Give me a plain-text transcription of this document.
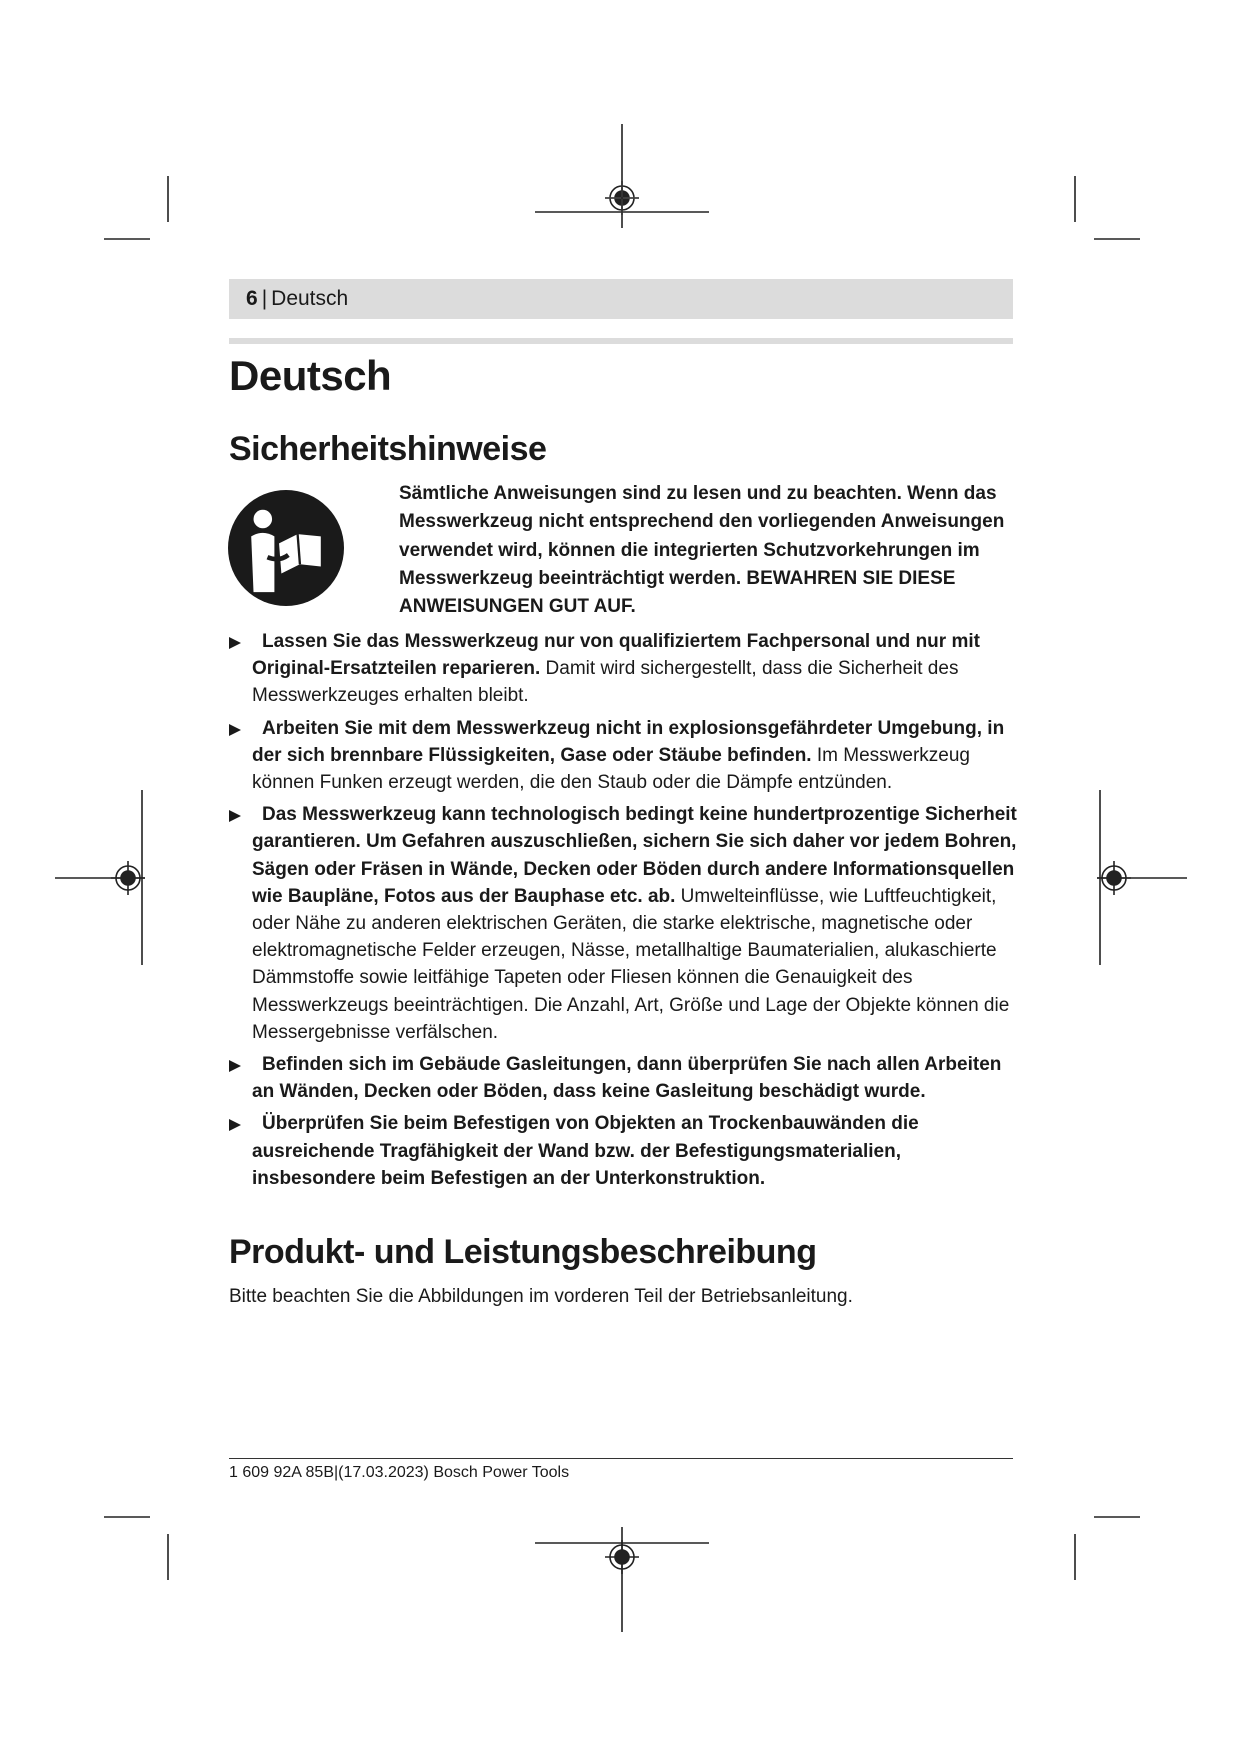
6 | Deutsch
Deutsch
Sicherheitshinweise
Sämtliche Anweisungen sind zu lesen und zu beachten. Wenn das Messwerkzeug nicht entsprechend den vorliegenden Anweisungen verwendet wird, können die integrierten Schutzvorkehrungen im Messwerkzeug beeinträchtigt werden. BEWAHREN SIE DIESE ANWEISUNGEN GUT AUF.
Lassen Sie das Messwerkzeug nur von qualifiziertem Fachpersonal und nur mit Original-Ersatzteilen reparieren. Damit wird sichergestellt, dass die Sicherheit des Messwerkzeuges erhalten bleibt.
Arbeiten Sie mit dem Messwerkzeug nicht in explosionsgefährdeter Umgebung, in der sich brennbare Flüssigkeiten, Gase oder Stäube befinden. Im Messwerkzeug können Funken erzeugt werden, die den Staub oder die Dämpfe entzünden.
Das Messwerkzeug kann technologisch bedingt keine hundertprozentige Sicherheit garantieren. Um Gefahren auszuschließen, sichern Sie sich daher vor jedem Bohren, Sägen oder Fräsen in Wände, Decken oder Böden durch andere Informationsquellen wie Baupläne, Fotos aus der Bauphase etc. ab. Umwelteinflüsse, wie Luftfeuchtigkeit, oder Nähe zu anderen elektrischen Geräten, die starke elektrische, magnetische oder elektromagnetische Felder erzeugen, Nässe, metallhaltige Baumaterialien, alukaschierte Dämmstoffe sowie leitfähige Tapeten oder Fliesen können die Genauigkeit des Messwerkzeugs beeinträchtigen. Die Anzahl, Art, Größe und Lage der Objekte können die Messergebnisse verfälschen.
Befinden sich im Gebäude Gasleitungen, dann überprüfen Sie nach allen Arbeiten an Wänden, Decken oder Böden, dass keine Gasleitung beschädigt wurde.
Überprüfen Sie beim Befestigen von Objekten an Trockenbauwänden die ausreichende Tragfähigkeit der Wand bzw. der Befestigungsmaterialien, insbesondere beim Befestigen an der Unterkonstruktion.
Produkt- und Leistungsbeschreibung

Bitte beachten Sie die Abbildungen im vorderen Teil der Betriebsanleitung.

1 609 92A 85B|(17.03.2023) Bosch Power Tools
